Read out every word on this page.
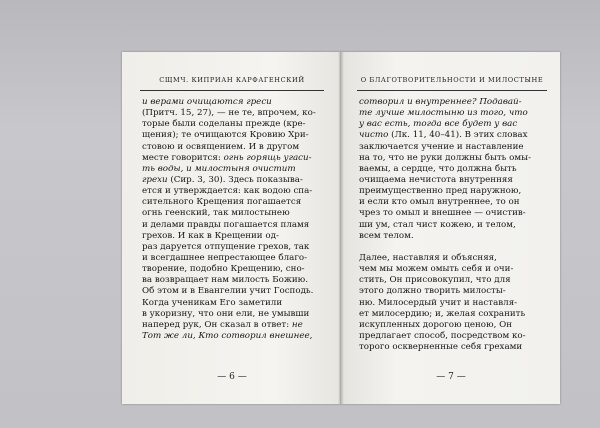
СЩМЧ. КИПРИАН КАРФАГЕНСКИЙ
и верами очищаются греси
(Притч. 15, 27), — не те, впрочем, ко-
торые были соделаны прежде (кре-
щения); те очищаются Кровию Хри-
стовою и освящением. И в другом
месте говорится: огнь горящь угаси-
ть воды, и милостыня очистит
грехи (Сир. 3, 30). Здесь показыва-
ется и утверждается: как водою спа-
сительного Крещения погашается
огнь геенский, так милостынею
и делами правды погашается пламя
грехов. И как в Крещении од-
раз даруется отпущение грехов, так
и всегдашнее непрестающее благо-
творение, подобно Крещению, сно-
ва возвращает нам милость Божию.
Об этом и в Евангелии учит Господь.
Когда ученикам Его заметили
в укоризну, что они ели, не умывши
наперед рук, Он сказал в ответ: не
Тот же ли, Кто сотворил внешнее,
— 6 —
О БЛАГОТВОРИТЕЛЬНОСТИ И МИЛОСТЫНЕ
сотворил и внутреннее? Подавай-
те лучше милостыню из того, что
у вас есть, тогда все будет у вас
чисто (Лк. 11, 40–41). В этих словах
заключается учение и наставление
на то, что не руки должны быть омы-
ваемы, а сердце, что должна быть
очищаема нечистота внутренняя
преимущественно пред наружною,
и если кто омыл внутреннее, то он
чрез то омыл и внешнее — очистив-
ши ум, стал чист кожею, и телом,
всем телом.
Далее, наставляя и объясняя,
чем мы можем омыть себя и очи-
стить, Он присовокупил, что для
этого должно творить милосты-
ню. Милосердый учит и наставля-
ет милосердию; и, желая сохранить
искупленных дорогою ценою, Он
предлагает способ, посредством ко-
торого оскверненные себя грехами
— 7 —
